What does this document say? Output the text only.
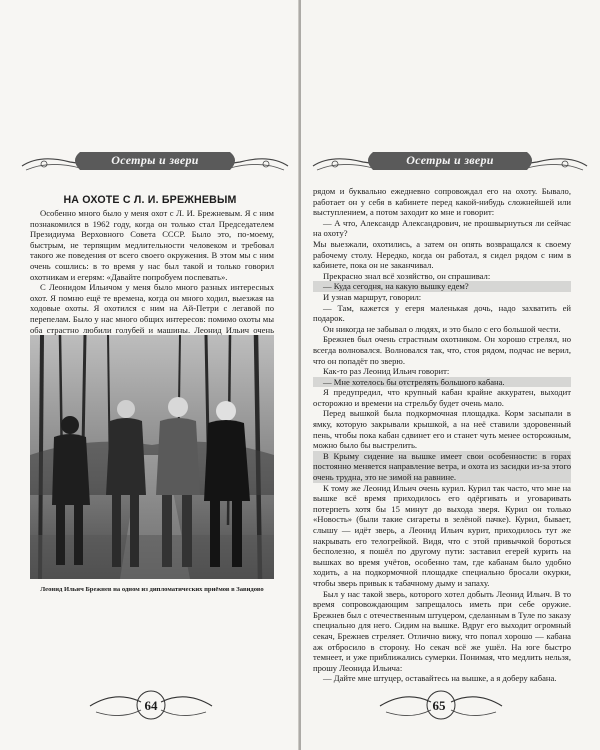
Осетры и звери
НА ОХОТЕ С Л. И. БРЕЖНЕВЫМ

Особенно много было у меня охот с Л. И. Брежневым. Я с ним познакомился в 1962 году, когда он только стал Председателем Президиума Верховного Совета СССР. Было это, по-моему, быстрым, не терпящим медлительности человеком и требовал такого же поведения от всего своего окружения. В этом мы с ним очень сошлись: в то время у нас был такой и только говорил охотникам и егерям: «Давайте попробуем поспевать».

С Леонидом Ильичом у меня было много разных интересных охот. Я помню ещё те времена, когда он много ходил, выезжая на ходовые охоты. Я охотился с ним на Ай-Петри с легавой по перепелам. Было у нас много общих интересов: помимо охоты мы оба страстно любили голубей и машины. Леонид Ильич очень

Леонид Ильич Брежнев на одном из дипломатических приёмов в Завидово

64
Осетры и звери

рядом и буквально ежедневно сопровождал его на охоту. Бывало, работает он у себя в кабинете перед какой-нибудь сложнейшей или выступлением, а потом заходит ко мне и говорит:

— А что, Александр Александрович, не прошвырнуться ли сейчас на охоту?

Мы выезжали, охотились, а затем он опять возвращался к своему рабочему столу. Нередко, когда он работал, я сидел рядом с ним в кабинете, пока он не заканчивал.

Прекрасно знал всё хозяйство, он спрашивал:

— Куда сегодня, на какую вышку едем?

И узнав маршрут, говорил:

— Там, кажется у егеря маленькая дочь, надо захватить ей подарок.

Он никогда не забывал о людях, и это было с его большой чести.

Брежнев был очень страстным охотником. Он хорошо стрелял, но всегда волновался. Волновался так, что, стоя рядом, подчас не верил, что он попадёт по зверю.

Как-то раз Леонид Ильич говорит:

— Мне хотелось бы отстрелять большого кабана.

Я предупредил, что крупный кабан крайне аккуратен, выходит осторожно и времени на стрельбу будет очень мало.

Перед вышкой была подкормочная площадка. Корм засыпали в ямку, которую закрывали крышкой, а на неё ставили здоровенный пень, чтобы пока кабан сдвинет его и станет чуть менее осторожным, можно было бы выстрелить.

В Крыму сидение на вышке имеет свои особенности: в горах постоянно меняется направление ветра, и охота из засидки из-за этого очень трудна, это не зимой на равнине.

К тому же Леонид Ильич очень курил. Курил так часто, что мне на вышке всё время приходилось его одёргивать и уговаривать потерпеть хотя бы 15 минут до выхода зверя. Курил он только «Новость» (были такие сигареты в зелёной пачке). Курил, бывает, слышу — идёт зверь, а Леонид Ильич курит, приходилось тут же накрывать его телогрейкой. Видя, что с этой привычкой бороться бесполезно, я пошёл по другому пути: заставил егерей курить на вышках во время учётов, особенно там, где кабанам было удобно ходить, а на подкормочной площадке специально бросали окурки, чтобы зверь привык к табачному дыму и запаху.

Был у нас такой зверь, которого хотел добыть Леонид Ильич. В то время сопровождающим запрещалось иметь при себе оружие. Брежнев был с отечественным штуцером, сделанным в Туле по заказу специально для него. Сидим на вышке. Вдруг его выходит огромный секач, Брежнев стреляет. Отлично вижу, что попал хорошо — кабана аж отбросило в сторону. Но секач всё же ушёл. На юге быстро темнеет, и уже приближались сумерки. Понимая, что медлить нельзя, прошу Леонида Ильича:

— Дайте мне штуцер, оставайтесь на вышке, а я доберу кабана.

65
